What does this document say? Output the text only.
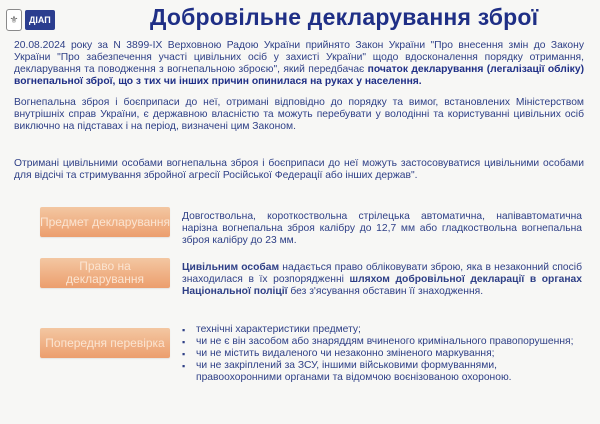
⚜	ДІАП	Добровільне декларування зброї
20.08.2024 року за N 3899-IX Верховною Радою України прийнято Закон України "Про внесення змін до Закону України "Про забезпечення участі цивільних осіб у захисті України" щодо вдосконалення порядку отримання, декларування та поводження з вогнепальною зброєю", який передбачає початок декларування (легалізації обліку) вогнепальної зброї, що з тих чи інших причин опинилася на руках у населення.
Вогнепальна зброя і боєприпаси до неї, отримані відповідно до порядку та вимог, встановлених Міністерством внутрішніх справ України, є державною власністю та можуть перебувати у володінні та користуванні цивільних осіб виключно на підставах і на період, визначені цим Законом.
Отримані цивільними особами вогнепальна зброя і боєприпаси до неї можуть застосовуватися цивільними особами для відсічі та стримування збройної агресії Російської Федерації або інших держав".
Предмет декларування Довгоствольна, короткоствольна стрілецька автоматична, напівавтоматична нарізна вогнепальна зброя калібру до 12,7 мм або гладкоствольна вогнепальна зброя калібру до 23 мм.
Право на декларування
Цивільним особам надається право обліковувати зброю, яка в незаконний спосіб знаходилася в їх розпорядженні шляхом добровільної декларації в органах Національної поліції без з'ясування обставин її знаходження.
Попередня перевірка
▪ технічні характеристики предмету;
▪ чи не є він засобом або знаряддям вчиненого кримінального правопорушення;
▪ чи не містить видаленого чи незаконно зміненого маркування;
▪ чи не закріплений за ЗСУ, іншими військовими формуваннями, правоохоронними органами та відомчою воєнізованою охороною.
